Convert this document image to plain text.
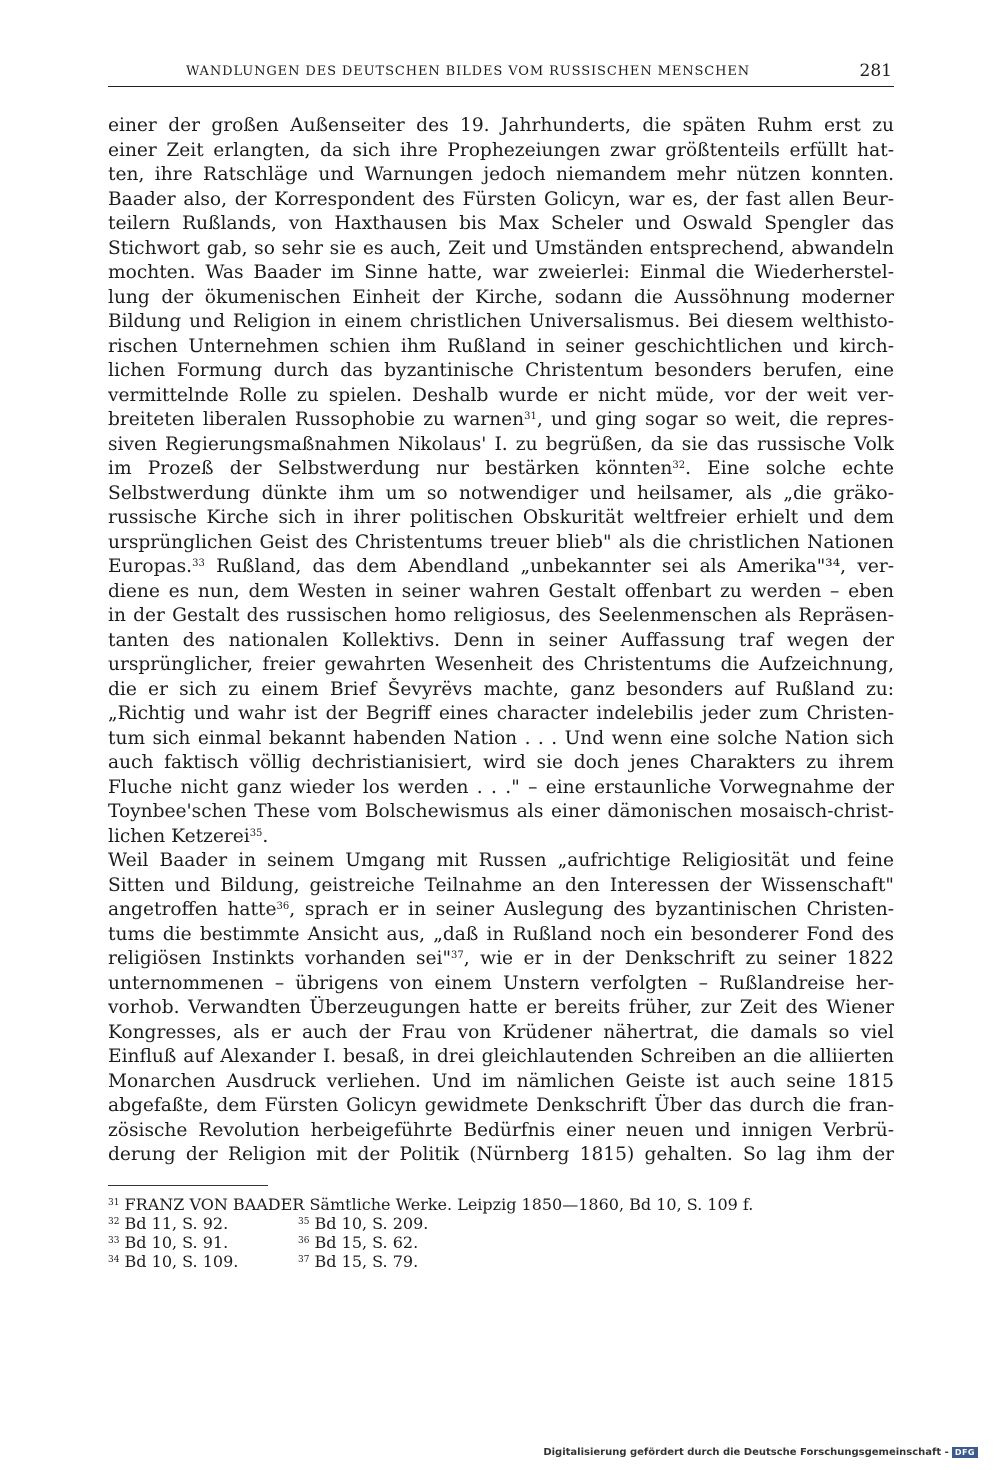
WANDLUNGEN DES DEUTSCHEN BILDES VOM RUSSISCHEN MENSCHEN	281
einer der großen Außenseiter des 19. Jahrhunderts, die späten Ruhm erst zu
einer Zeit erlangten, da sich ihre Prophezeiungen zwar größtenteils erfüllt hat-
ten, ihre Ratschläge und Warnungen jedoch niemandem mehr nützen konnten.
Baader also, der Korrespondent des Fürsten Golicyn, war es, der fast allen Beur-
teilern Rußlands, von Haxthausen bis Max Scheler und Oswald Spengler das
Stichwort gab, so sehr sie es auch, Zeit und Umständen entsprechend, abwandeln
mochten. Was Baader im Sinne hatte, war zweierlei: Einmal die Wiederherstel-
lung der ökumenischen Einheit der Kirche, sodann die Aussöhnung moderner
Bildung und Religion in einem christlichen Universalismus. Bei diesem welthisto-
rischen Unternehmen schien ihm Rußland in seiner geschichtlichen und kirch-
lichen Formung durch das byzantinische Christentum besonders berufen, eine
vermittelnde Rolle zu spielen. Deshalb wurde er nicht müde, vor der weit ver-
breiteten liberalen Russophobie zu warnen$^{31}$, und ging sogar so weit, die repres-
siven Regierungsmaßnahmen Nikolaus' I. zu begrüßen, da sie das russische Volk
im Prozeß der Selbstwerdung nur bestärken könnten$^{32}$. Eine solche echte
Selbstwerdung dünkte ihm um so notwendiger und heilsamer, als „die gräko-
russische Kirche sich in ihrer politischen Obskurität weltfreier erhielt und dem
ursprünglichen Geist des Christentums treuer blieb" als die christlichen Nationen
Europas.$^{33}$ Rußland, das dem Abendland „unbekannter sei als Amerika"³⁴, ver-
diene es nun, dem Westen in seiner wahren Gestalt offenbart zu werden – eben
in der Gestalt des russischen homo religiosus, des Seelenmenschen als Repräsen-
tanten des nationalen Kollektivs. Denn in seiner Auffassung traf wegen der
ursprünglicher, freier gewahrten Wesenheit des Christentums die Aufzeichnung,
die er sich zu einem Brief Ševyrëvs machte, ganz besonders auf Rußland zu:
„Richtig und wahr ist der Begriff eines character indelebilis jeder zum Christen-
tum sich einmal bekannt habenden Nation . . . Und wenn eine solche Nation sich
auch faktisch völlig dechristianisiert, wird sie doch jenes Charakters zu ihrem
Fluche nicht ganz wieder los werden . . ." – eine erstaunliche Vorwegnahme der
Toynbee'schen These vom Bolschewismus als einer dämonischen mosaisch-christ-
lichen Ketzerei$^{35}$.
Weil Baader in seinem Umgang mit Russen „aufrichtige Religiosität und feine
Sitten und Bildung, geistreiche Teilnahme an den Interessen der Wissenschaft"
angetroffen hatte$^{36}$, sprach er in seiner Auslegung des byzantinischen Christen-
tums die bestimmte Ansicht aus, „daß in Rußland noch ein besonderer Fond des
religiösen Instinkts vorhanden sei"$^{37}$, wie er in der Denkschrift zu seiner 1822
unternommenen – übrigens von einem Unstern verfolgten – Rußlandreise her-
vorhob. Verwandten Überzeugungen hatte er bereits früher, zur Zeit des Wiener
Kongresses, als er auch der Frau von Krüdener nähertrat, die damals so viel
Einfluß auf Alexander I. besaß, in drei gleichlautenden Schreiben an die alliierten
Monarchen Ausdruck verliehen. Und im nämlichen Geiste ist auch seine 1815
abgefaßte, dem Fürsten Golicyn gewidmete Denkschrift Über das durch die fran-
zösische Revolution herbeigeführte Bedürfnis einer neuen und innigen Verbrü-
derung der Religion mit der Politik (Nürnberg 1815) gehalten. So lag ihm der
$^{31}$ FRANZ VON BAADER Sämtliche Werke. Leipzig 1850—1860, Bd 10, S. 109 f.
$^{32}$ Bd 11, S. 92.	$^{35}$ Bd 10, S. 209.
$^{33}$ Bd 10, S. 91.	$^{36}$ Bd 15, S. 62.
$^{34}$ Bd 10, S. 109.	$^{37}$ Bd 15, S. 79.
Digitalisierung gefördert durch die Deutsche Forschungsgemeinschaft - DFG
